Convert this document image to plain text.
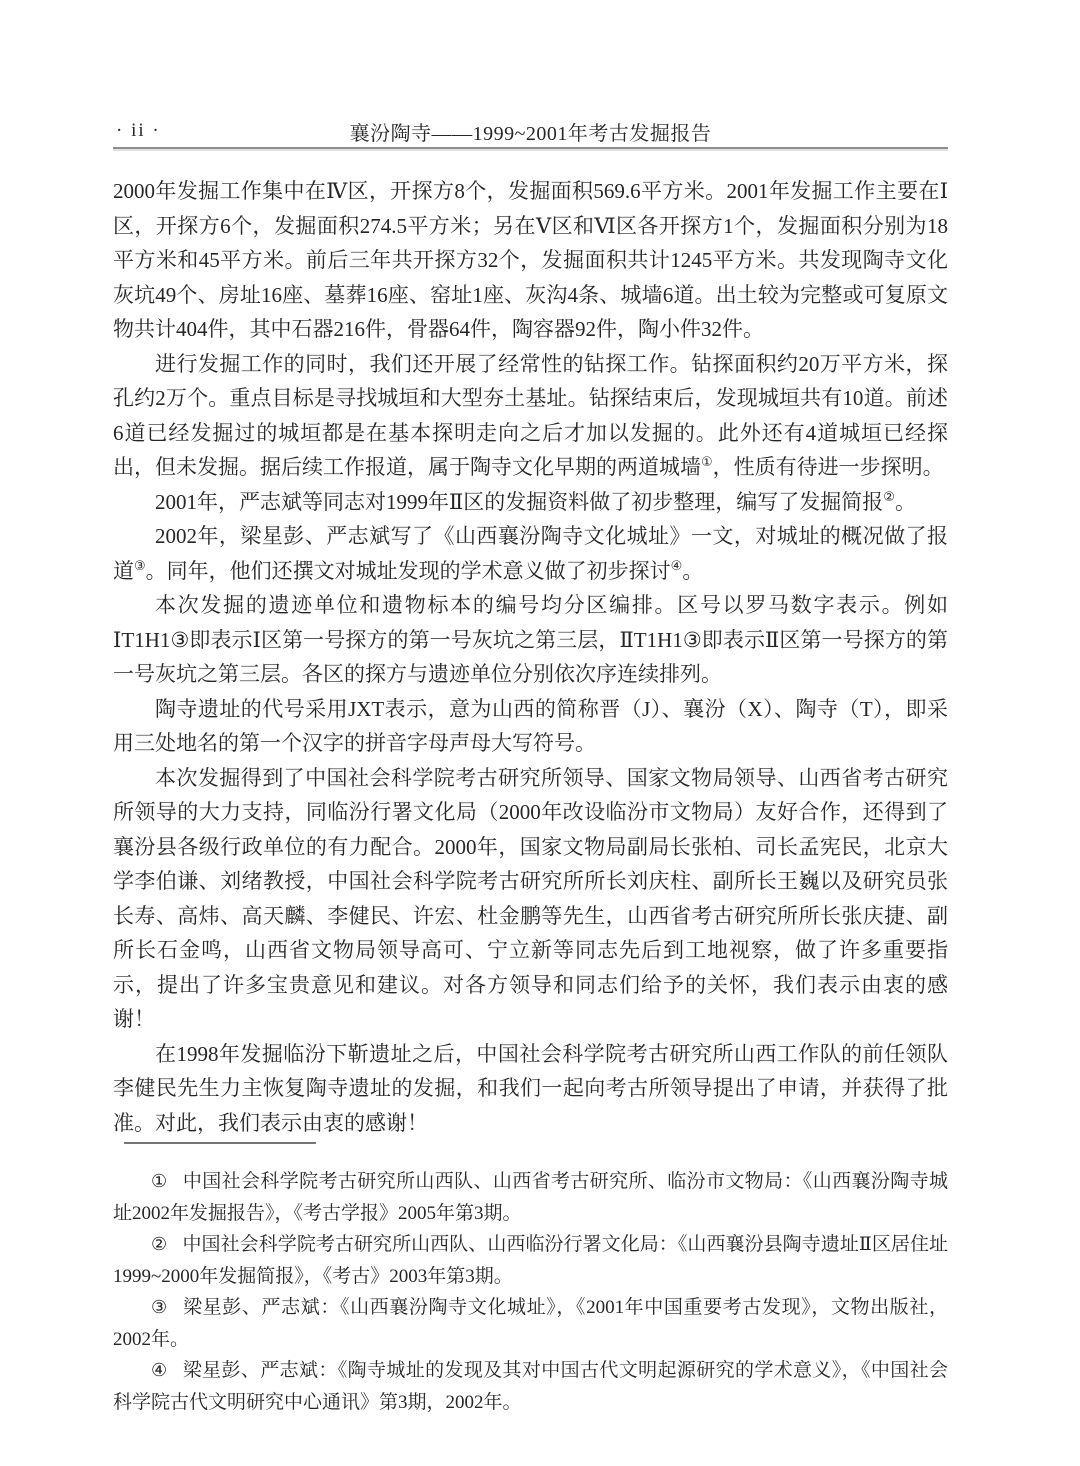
· ii ·	襄汾陶寺——1999~2001年考古发掘报告

2000年发掘工作集中在Ⅳ区，开探方8个，发掘面积569.6平方米。2001年发掘工作主要在Ⅰ区，开探方6个，发掘面积274.5平方米；另在Ⅴ区和Ⅵ区各开探方1个，发掘面积分别为18平方米和45平方米。前后三年共开探方32个，发掘面积共计1245平方米。共发现陶寺文化灰坑49个、房址16座、墓葬16座、窑址1座、灰沟4条、城墙6道。出土较为完整或可复原文物共计404件，其中石器216件，骨器64件，陶容器92件，陶小件32件。

进行发掘工作的同时，我们还开展了经常性的钻探工作。钻探面积约20万平方米，探孔约2万个。重点目标是寻找城垣和大型夯土基址。钻探结束后，发现城垣共有10道。前述6道已经发掘过的城垣都是在基本探明走向之后才加以发掘的。此外还有4道城垣已经探出，但未发掘。据后续工作报道，属于陶寺文化早期的两道城墙①，性质有待进一步探明。

2001年，严志斌等同志对1999年Ⅱ区的发掘资料做了初步整理，编写了发掘简报②。

2002年，梁星彭、严志斌写了《山西襄汾陶寺文化城址》一文，对城址的概况做了报道③。同年，他们还撰文对城址发现的学术意义做了初步探讨④。

本次发掘的遗迹单位和遗物标本的编号均分区编排。区号以罗马数字表示。例如ⅠT1H1③即表示Ⅰ区第一号探方的第一号灰坑之第三层，ⅡT1H1③即表示Ⅱ区第一号探方的第一号灰坑之第三层。各区的探方与遗迹单位分别依次序连续排列。

陶寺遗址的代号采用JXT表示，意为山西的简称晋（J）、襄汾（X）、陶寺（T），即采用三处地名的第一个汉字的拼音字母声母大写符号。

本次发掘得到了中国社会科学院考古研究所领导、国家文物局领导、山西省考古研究所领导的大力支持，同临汾行署文化局（2000年改设临汾市文物局）友好合作，还得到了襄汾县各级行政单位的有力配合。2000年，国家文物局副局长张柏、司长孟宪民，北京大学李伯谦、刘绪教授，中国社会科学院考古研究所所长刘庆柱、副所长王巍以及研究员张长寿、高炜、高天麟、李健民、许宏、杜金鹏等先生，山西省考古研究所所长张庆捷、副所长石金鸣，山西省文物局领导高可、宁立新等同志先后到工地视察，做了许多重要指示，提出了许多宝贵意见和建议。对各方领导和同志们给予的关怀，我们表示由衷的感谢！

在1998年发掘临汾下靳遗址之后，中国社会科学院考古研究所山西工作队的前任领队李健民先生力主恢复陶寺遗址的发掘，和我们一起向考古所领导提出了申请，并获得了批准。对此，我们表示由衷的感谢！

① 中国社会科学院考古研究所山西队、山西省考古研究所、临汾市文物局：《山西襄汾陶寺城址2002年发掘报告》，《考古学报》2005年第3期。

② 中国社会科学院考古研究所山西队、山西临汾行署文化局：《山西襄汾县陶寺遗址Ⅱ区居住址1999~2000年发掘简报》，《考古》2003年第3期。

③ 梁星彭、严志斌：《山西襄汾陶寺文化城址》，《2001年中国重要考古发现》，文物出版社，2002年。

④ 梁星彭、严志斌：《陶寺城址的发现及其对中国古代文明起源研究的学术意义》，《中国社会科学院古代文明研究中心通讯》第3期，2002年。
